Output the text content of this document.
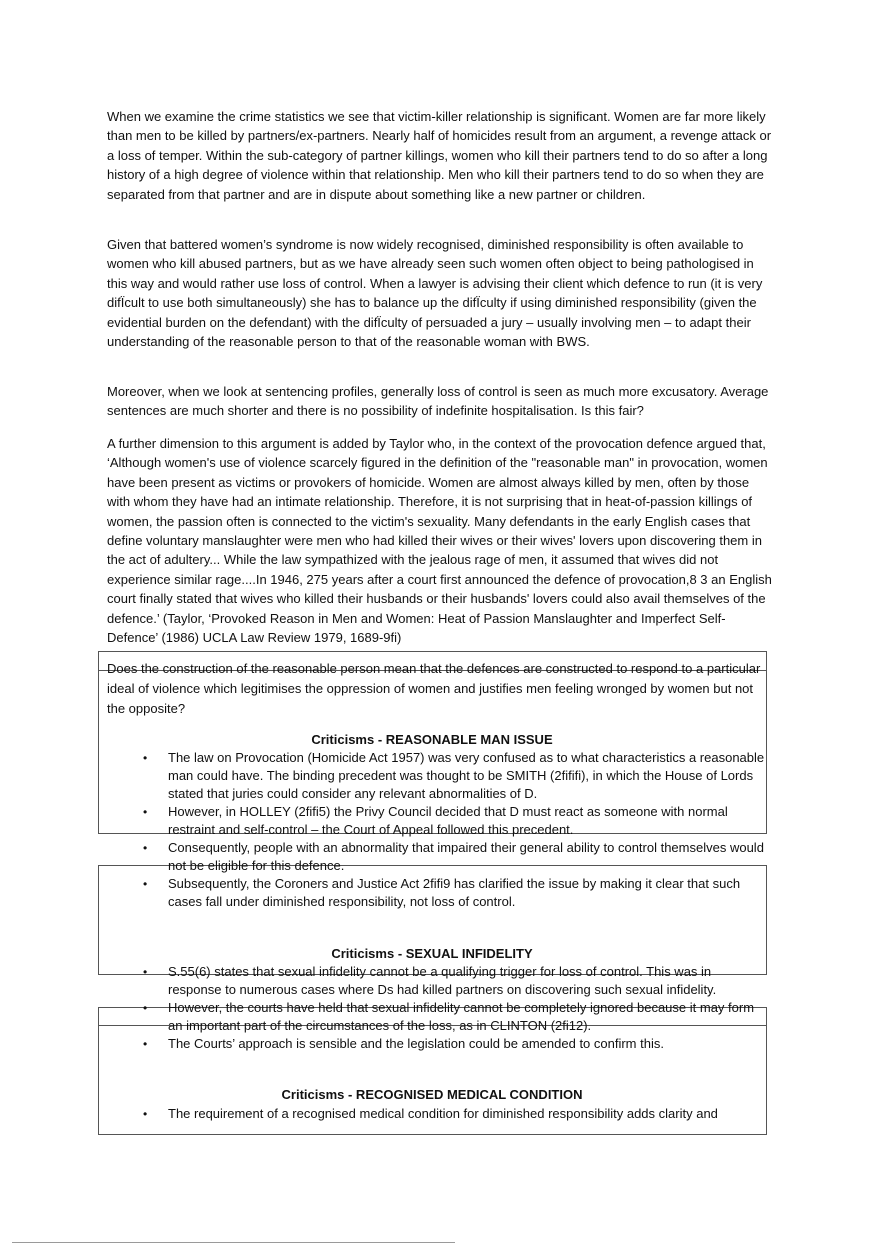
When we examine the crime statistics we see that victim-killer relationship is significant. Women are far more likely than men to be killed by partners/ex-partners. Nearly half of homicides result from an argument, a revenge attack or a loss of temper. Within the sub-category of partner killings, women who kill their partners tend to do so after a long history of a high degree of violence within that relationship. Men who kill their partners tend to do so when they are separated from that partner and are in dispute about something like a new partner or children.

Given that battered women’s syndrome is now widely recognised, diminished responsibility is often available to women who kill abused partners, but as we have already seen such women often object to being pathologised in this way and would rather use loss of control. When a lawyer is advising their client which defence to run (it is very difÏcult to use both simultaneously) she has to balance up the difÏculty if using diminished responsibility (given the evidential burden on the defendant) with the difÏculty of persuaded a jury – usually involving men – to adapt their understanding of the reasonable person to that of the reasonable woman with BWS.

Moreover, when we look at sentencing profiles, generally loss of control is seen as much more excusatory. Average sentences are much shorter and there is no possibility of indefinite hospitalisation. Is this fair?

A further dimension to this argument is added by Taylor who, in the context of the provocation defence argued that, ‘Although women's use of violence scarcely figured in the definition of the "reasonable man" in provocation, women have been present as victims or provokers of homicide. Women are almost always killed by men, often by those with whom they have had an intimate relationship. Therefore, it is not surprising that in heat-of-passion killings of women, the passion often is connected to the victim's sexuality. Many defendants in the early English cases that define voluntary manslaughter were men who had killed their wives or their wives' lovers upon discovering them in the act of adultery... While the law sympathized with the jealous rage of men, it assumed that wives did not experience similar rage....In 1946, 275 years after a court first announced the defence of provocation,8 3 an English court finally stated that wives who killed their husbands or their husbands' lovers could also avail themselves of the defence.’ (Taylor, ‘Provoked Reason in Men and Women: Heat of Passion Manslaughter and Imperfect Self-Defence’ (1986) UCLA Law Review 1979, 1689-9ﬁ)

Does the construction of the reasonable person mean that the defences are constructed to respond to a particular ideal of violence which legitimises the oppression of women and justifies men feeling wronged by women but not the opposite?

Criticisms - REASONABLE MAN ISSUE
• The law on Provocation (Homicide Act 1957) was very confused as to what characteristics a reasonable man could have. The binding precedent was thought to be SMITH (2ﬁﬁﬁ), in which the House of Lords stated that juries could consider any relevant abnormalities of D.
• However, in HOLLEY (2ﬁﬁ5) the Privy Council decided that D must react as someone with normal restraint and self-control – the Court of Appeal followed this precedent.
• Consequently, people with an abnormality that impaired their general ability to control themselves would not be eligible for this defence.
• Subsequently, the Coroners and Justice Act 2ﬁﬁ9 has clarified the issue by making it clear that such cases fall under diminished responsibility, not loss of control.
Criticisms - SEXUAL INFIDELITY
• S.55(6) states that sexual infidelity cannot be a qualifying trigger for loss of control. This was in response to numerous cases where Ds had killed partners on discovering such sexual infidelity.
• However, the courts have held that sexual infidelity cannot be completely ignored because it may form an important part of the circumstances of the loss, as in CLINTON (2ﬁ12).
• The Courts’ approach is sensible and the legislation could be amended to confirm this.
Criticisms - RECOGNISED MEDICAL CONDITION
• The requirement of a recognised medical condition for diminished responsibility adds clarity and
